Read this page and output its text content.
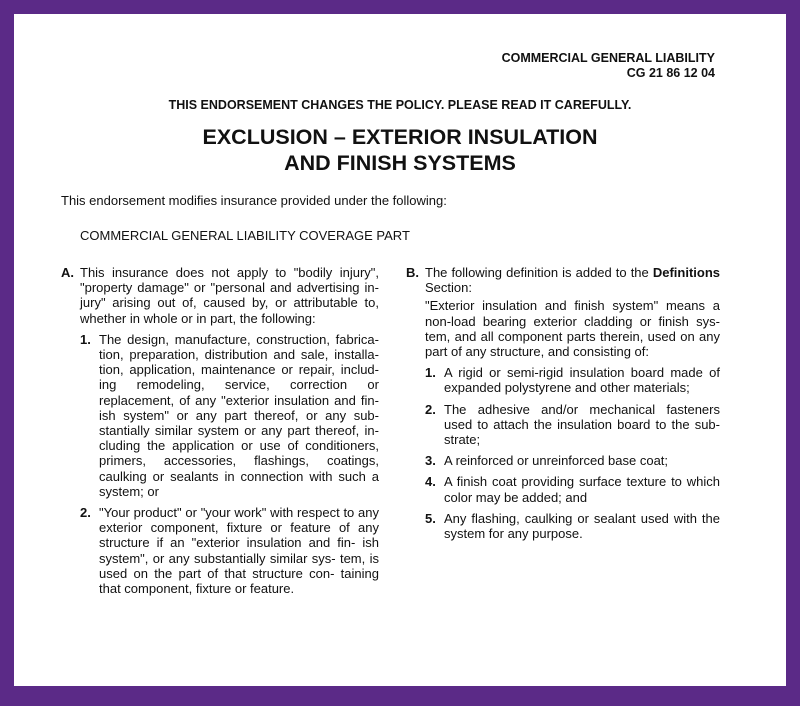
COMMERCIAL GENERAL LIABILITY
CG 21 86 12 04
THIS ENDORSEMENT CHANGES THE POLICY. PLEASE READ IT CAREFULLY.
EXCLUSION – EXTERIOR INSULATION
AND FINISH SYSTEMS
This endorsement modifies insurance provided under the following:
COMMERCIAL GENERAL LIABILITY COVERAGE PART
A. This insurance does not apply to "bodily injury", "property damage" or "personal and advertising in- jury" arising out of, caused by, or attributable to, whether in whole or in part, the following:
1. The design, manufacture, construction, fabrica- tion, preparation, distribution and sale, installa- tion, application, maintenance or repair, includ- ing remodeling, service, correction or replacement, of any "exterior insulation and fin- ish system" or any part thereof, or any sub- stantially similar system or any part thereof, in- cluding the application or use of conditioners, primers, accessories, flashings, coatings, caulking or sealants in connection with such a system; or
2. "Your product" or "your work" with respect to any exterior component, fixture or feature of any structure if an "exterior insulation and fin- ish system", or any substantially similar sys- tem, is used on the part of that structure con- taining that component, fixture or feature.
B. The following definition is added to the Definitions Section:
"Exterior insulation and finish system" means a non-load bearing exterior cladding or finish sys- tem, and all component parts therein, used on any part of any structure, and consisting of:
1. A rigid or semi-rigid insulation board made of expanded polystyrene and other materials;
2. The adhesive and/or mechanical fasteners used to attach the insulation board to the sub- strate;
3. A reinforced or unreinforced base coat;
4. A finish coat providing surface texture to which color may be added; and
5. Any flashing, caulking or sealant used with the system for any purpose.
